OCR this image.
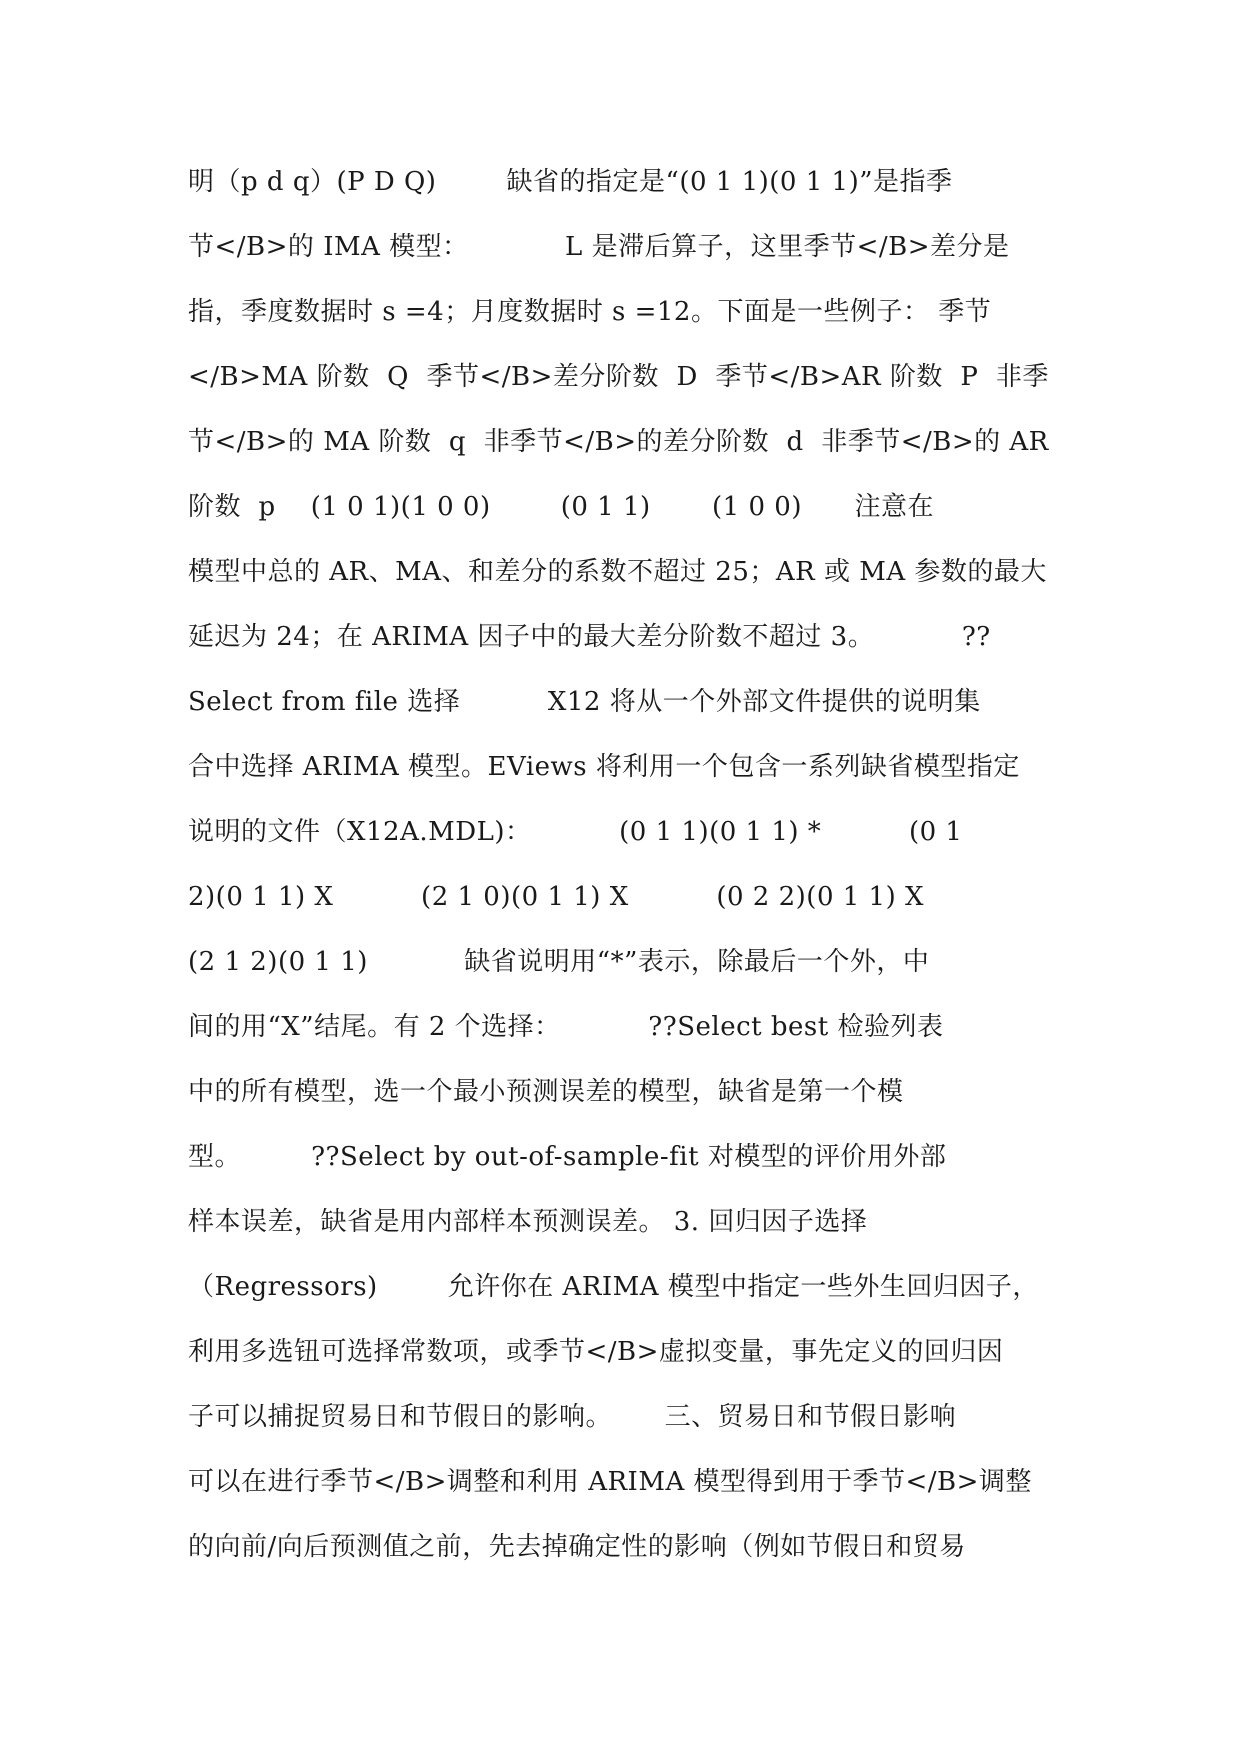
明（p d q）(P D Q)        缺省的指定是“(0 1 1)(0 1 1)”是指季
节</B>的 IMA 模型：           L 是滞后算子，这里季节</B>差分是
指，季度数据时 s =4；月度数据时 s =12。下面是一些例子： 季节
</B>MA 阶数  Q  季节</B>差分阶数  D  季节</B>AR 阶数  P  非季
节</B>的 MA 阶数  q  非季节</B>的差分阶数  d  非季节</B>的 AR
阶数  p    (1 0 1)(1 0 0)        (0 1 1)       (1 0 0)      注意在
模型中总的 AR、MA、和差分的系数不超过 25；AR 或 MA 参数的最大
延迟为 24；在 ARIMA 因子中的最大差分阶数不超过 3。          ??
Select from file 选择          X12 将从一个外部文件提供的说明集
合中选择 ARIMA 模型。EViews 将利用一个包含一系列缺省模型指定
说明的文件（X12A.MDL)：          (0 1 1)(0 1 1) *          (0 1
2)(0 1 1) X          (2 1 0)(0 1 1) X          (0 2 2)(0 1 1) X
(2 1 2)(0 1 1)           缺省说明用“*”表示，除最后一个外，中
间的用“X”结尾。有 2 个选择：          ??Select best 检验列表
中的所有模型，选一个最小预测误差的模型，缺省是第一个模
型。        ??Select by out-of-sample-fit 对模型的评价用外部
样本误差，缺省是用内部样本预测误差。 3. 回归因子选择
（Regressors)        允许你在 ARIMA 模型中指定一些外生回归因子，
利用多选钮可选择常数项，或季节</B>虚拟变量，事先定义的回归因
子可以捕捉贸易日和节假日的影响。      三、贸易日和节假日影响
可以在进行季节</B>调整和利用 ARIMA 模型得到用于季节</B>调整
的向前/向后预测值之前，先去掉确定性的影响（例如节假日和贸易
